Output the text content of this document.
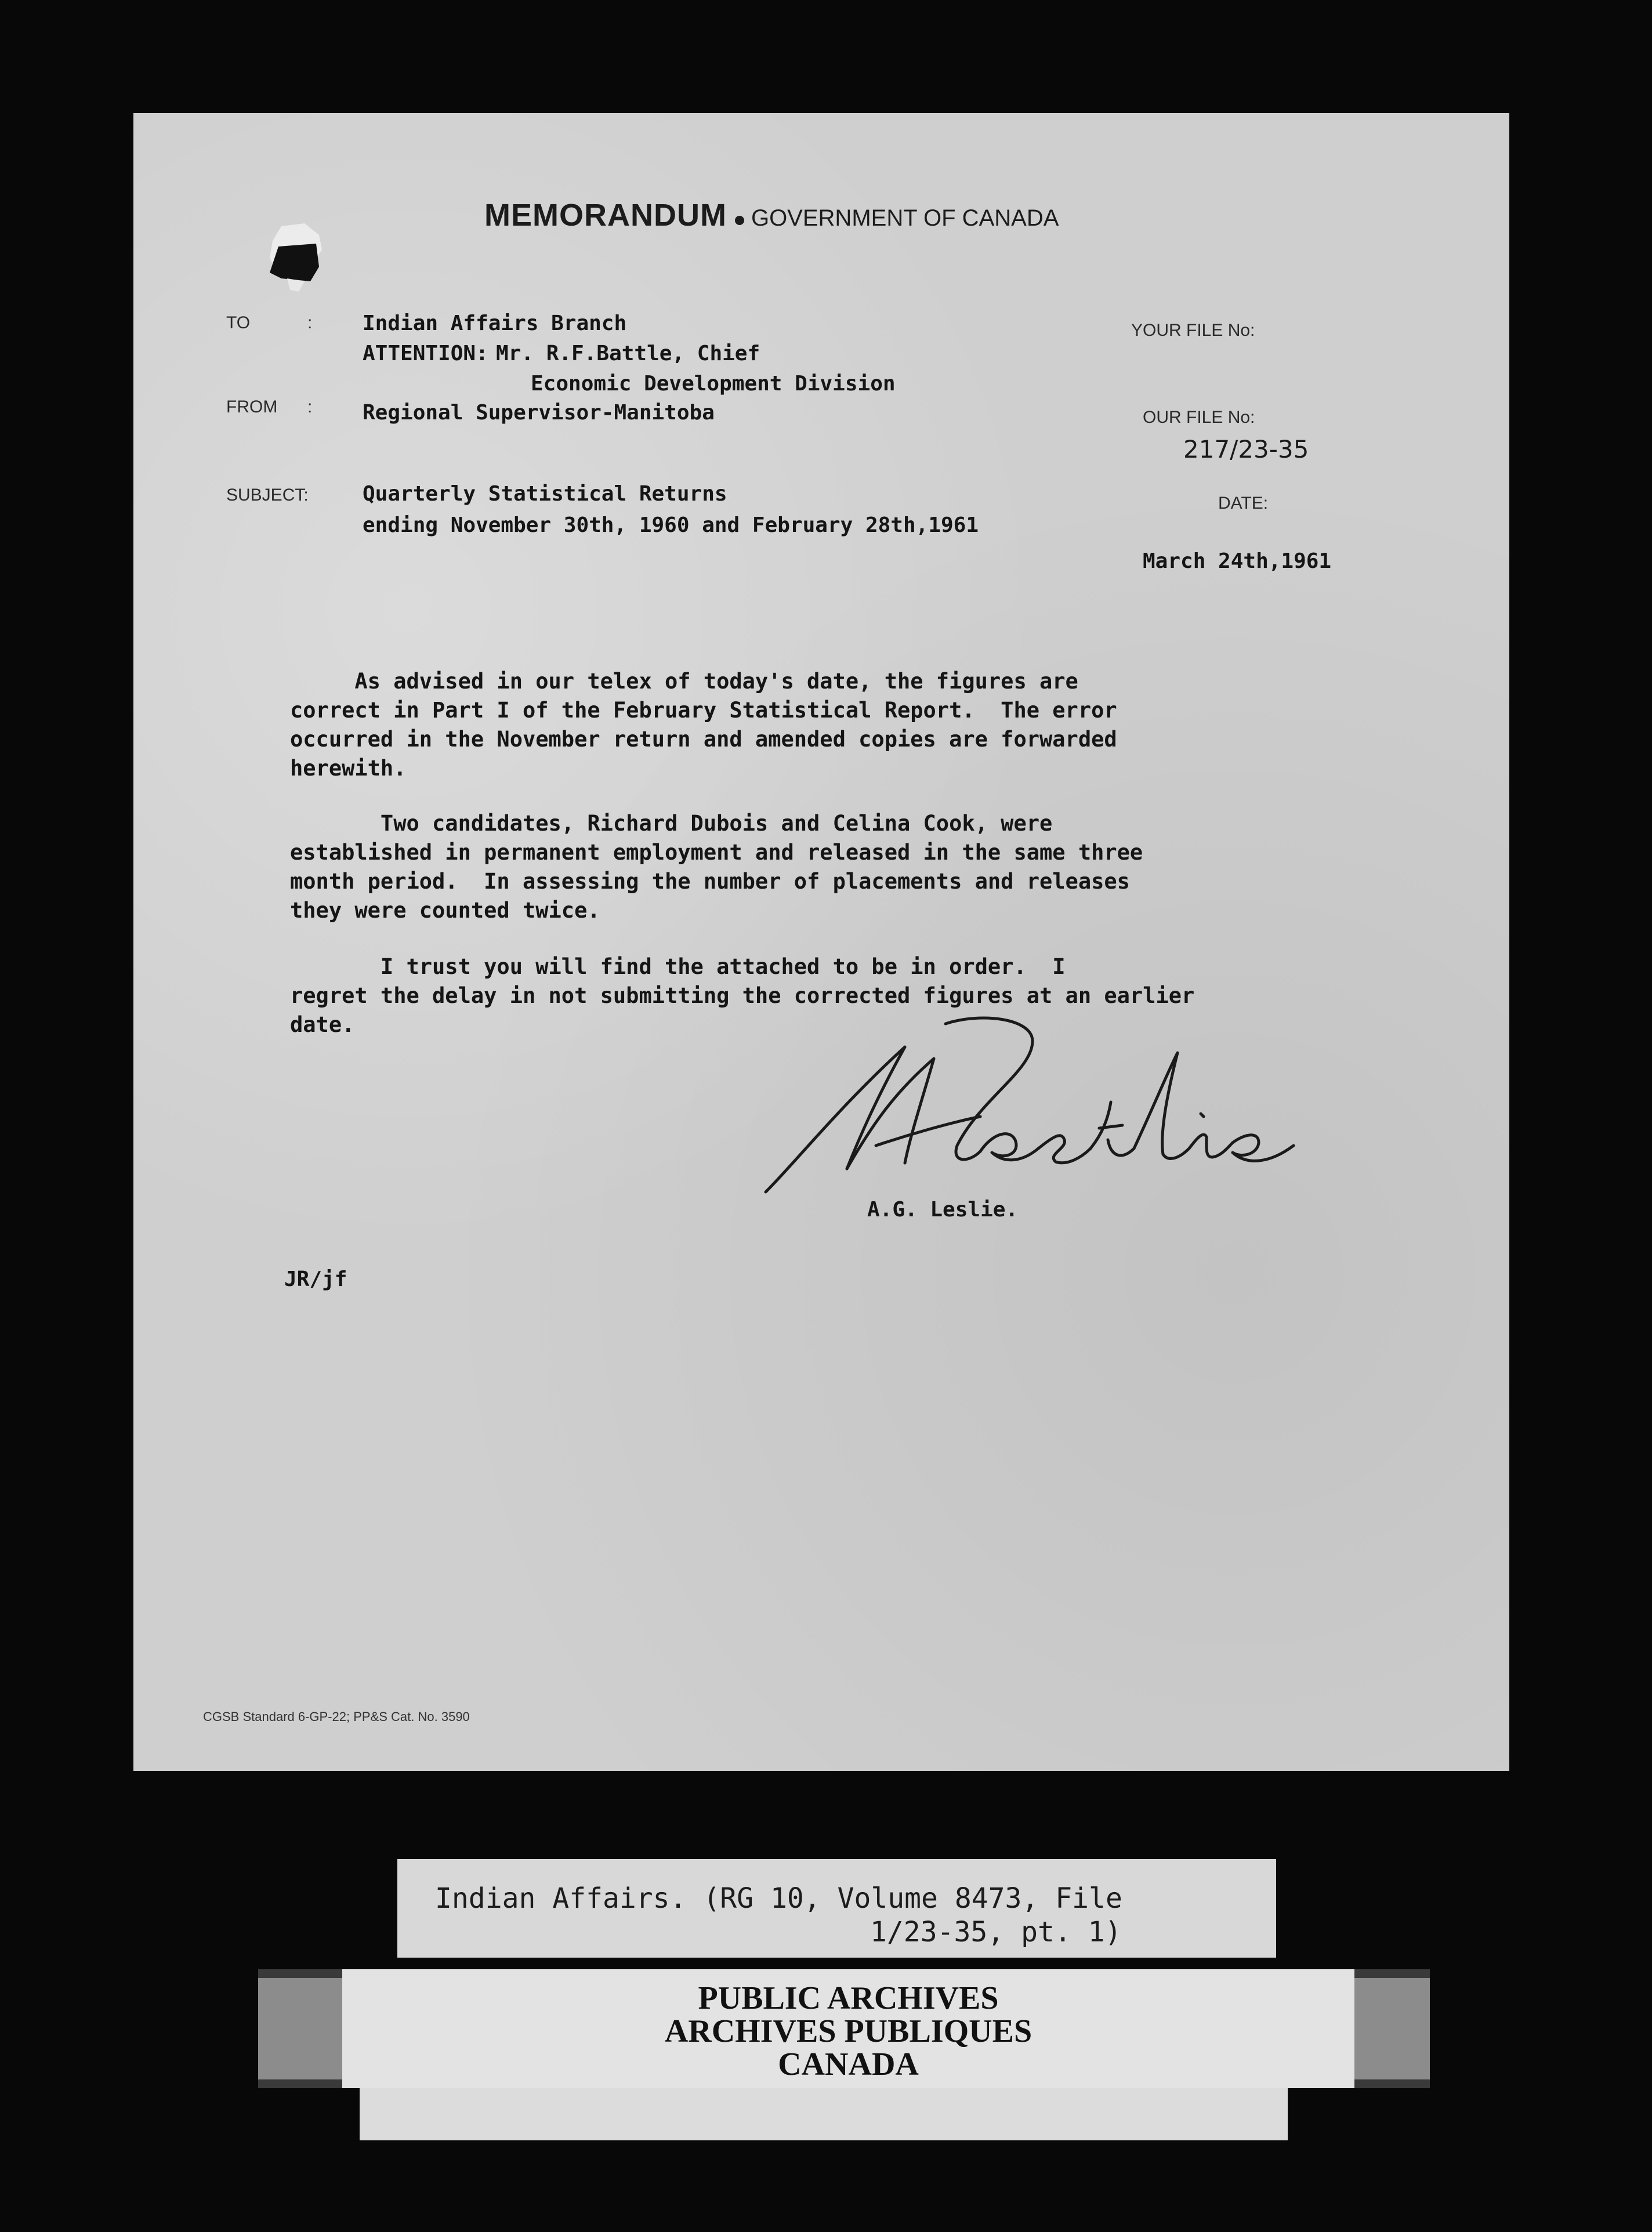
MEMORANDUM GOVERNMENT OF CANADA
TO	:
FROM :
SUBJECT:
YOUR FILE No:
OUR FILE No:
DATE:
Indian Affairs Branch
ATTENTION: Mr. R.F.Battle, Chief
Economic Development Division
Regional Supervisor-Manitoba
217/23-35
Quarterly Statistical Returns
ending November 30th, 1960 and February 28th,1961
March 24th,1961
As advised in our telex of today's date, the figures are
correct in Part I of the February Statistical Report.  The error
occurred in the November return and amended copies are forwarded
herewith.
Two candidates, Richard Dubois and Celina Cook, were
established in permanent employment and released in the same three
month period.  In assessing the number of placements and releases
they were counted twice.
I trust you will find the attached to be in order.  I
regret the delay in not submitting the corrected figures at an earlier
date.
A.G. Leslie.
JR/jf
CGSB Standard 6-GP-22; PP&S Cat. No. 3590
Indian Affairs. (RG 10, Volume 8473, File
1/23-35, pt. 1)
PUBLIC ARCHIVES
ARCHIVES PUBLIQUES
CANADA
